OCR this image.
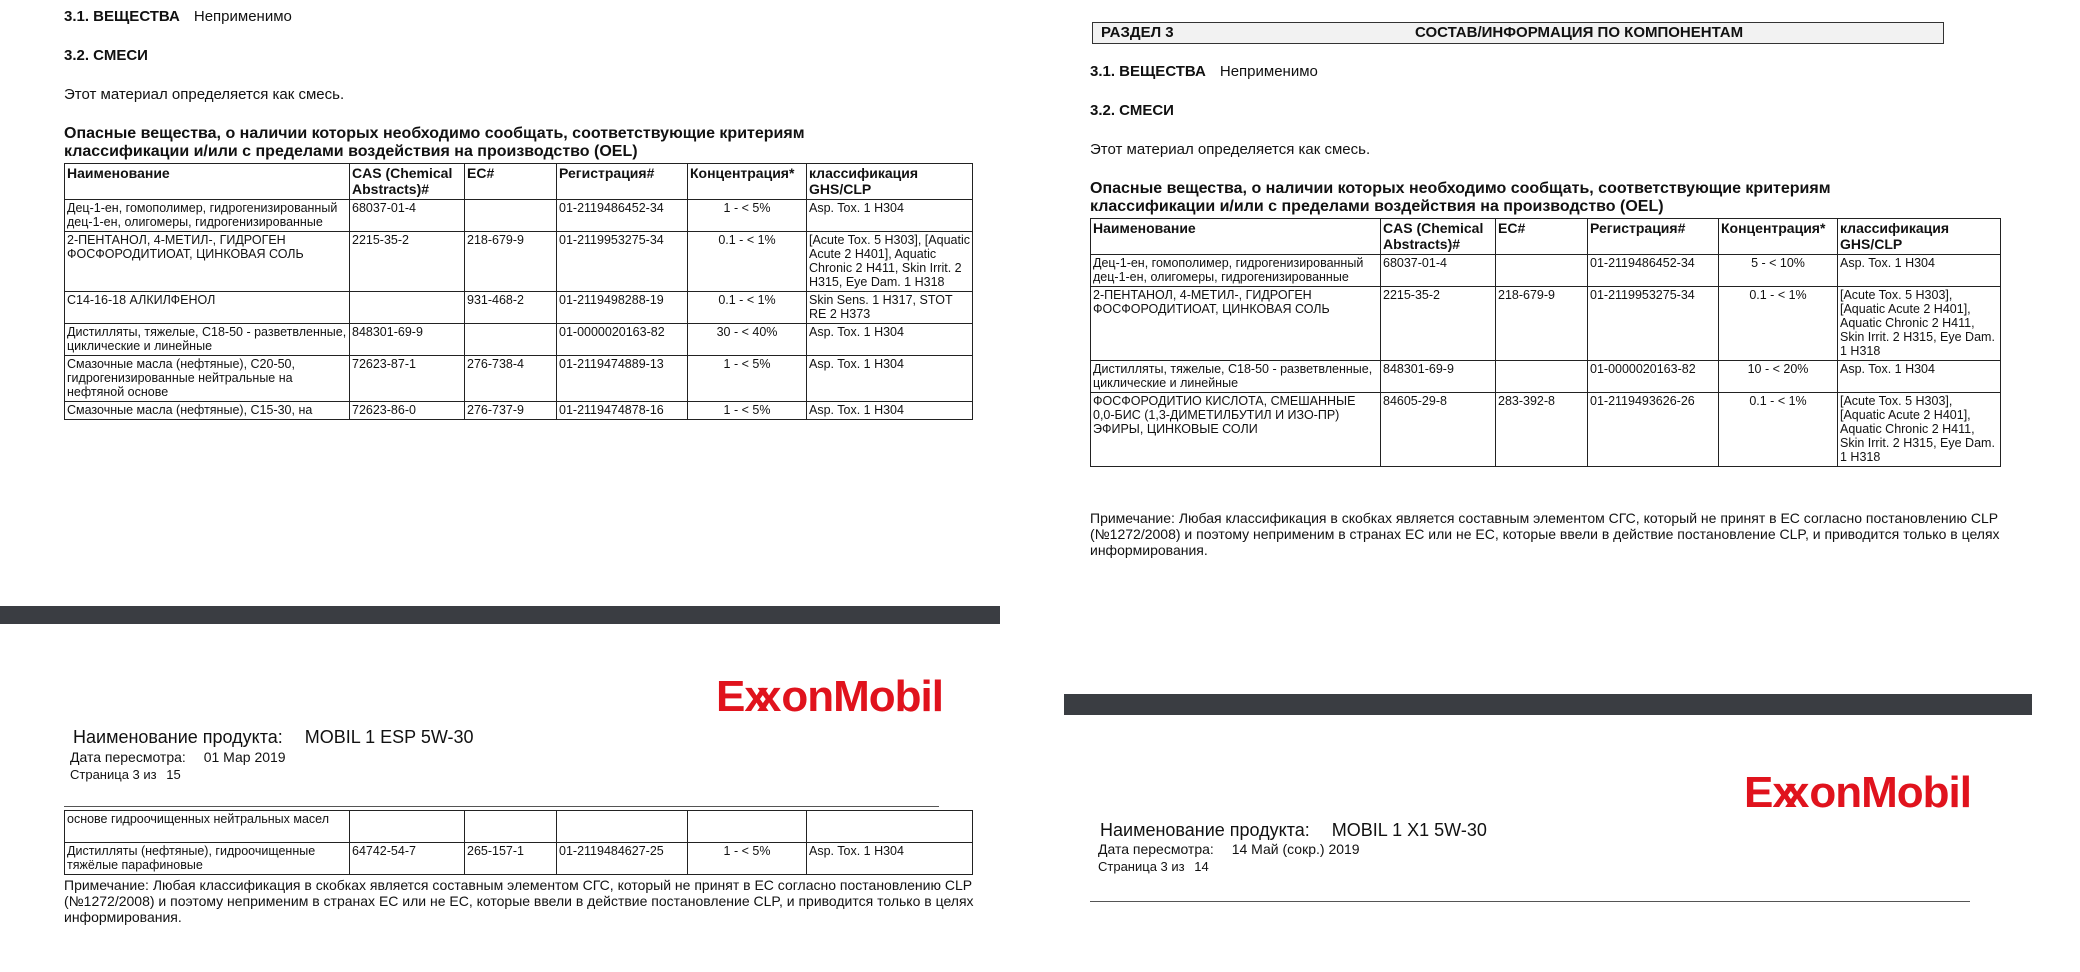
3.1. ВЕЩЕСТВА Неприменимо
3.2. СМЕСИ
Этот материал определяется как смесь.
Опасные вещества, о наличии которых необходимо сообщать, соответствующие критериям классификации и/или с пределами воздействия на производство (OEL)
Наименование	CAS (Chemical Abstracts)#	EC#	Регистрация#	Концентрация*	классификация GHS/CLP
Дец-1-ен, гомополимер, гидрогенизированный дец-1-ен, олигомеры, гидрогенизированные	68037-01-4		01-2119486452-34	1 - < 5%	Asp. Tox. 1 H304
2-ПЕНТАНОЛ, 4-МЕТИЛ-, ГИДРОГЕН ФОСФОРОДИТИОАТ, ЦИНКОВАЯ СОЛЬ	2215-35-2	218-679-9	01-2119953275-34	0.1 - < 1%	[Acute Tox. 5 H303], [Aquatic Acute 2 H401], Aquatic Chronic 2 H411, Skin Irrit. 2 H315, Eye Dam. 1 H318
C14-16-18 АЛКИЛФЕНОЛ		931-468-2	01-2119498288-19	0.1 - < 1%	Skin Sens. 1 H317, STOT RE 2 H373
Дистилляты, тяжелые, C18-50 - разветвленные, циклические и линейные	848301-69-9		01-0000020163-82	30 - < 40%	Asp. Tox. 1 H304
Смазочные масла (нефтяные), C20-50, гидрогенизированные нейтральные на нефтяной основе	72623-87-1	276-738-4	01-2119474889-13	1 - < 5%	Asp. Tox. 1 H304
Смазочные масла (нефтяные), C15-30, на	72623-86-0	276-737-9	01-2119474878-16	1 - < 5%	Asp. Tox. 1 H304
Exx onMobil
Наименование продукта: MOBIL 1 ESP 5W-30
Дата пересмотра: 01 Мар 2019
Страница 3 из 15
основе гидроочищенных нейтральных масел					
Дистилляты (нефтяные), гидроочищенные тяжёлые парафиновые	64742-54-7	265-157-1	01-2119484627-25	1 - < 5%	Asp. Tox. 1 H304
Примечание: Любая классификация в скобках является составным элементом СГС, который не принят в ЕС согласно постановлению CLP (№1272/2008) и поэтому неприменим в странах ЕС или не ЕС, которые ввели в действие постановление CLP, и приводится только в целях информирования.
РАЗДЕЛ 3	СОСТАВ/ИНФОРМАЦИЯ ПО КОМПОНЕНТАМ
3.1. ВЕЩЕСТВА Неприменимо
3.2. СМЕСИ
Этот материал определяется как смесь.
Опасные вещества, о наличии которых необходимо сообщать, соответствующие критериям классификации и/или с пределами воздействия на производство (OEL)
Наименование	CAS (Chemical Abstracts)#	EC#	Регистрация#	Концентрация*	классификация GHS/CLP
Дец-1-ен, гомополимер, гидрогенизированный дец-1-ен, олигомеры, гидрогенизированные	68037-01-4		01-2119486452-34	5 - < 10%	Asp. Tox. 1 H304
2-ПЕНТАНОЛ, 4-МЕТИЛ-, ГИДРОГЕН ФОСФОРОДИТИОАТ, ЦИНКОВАЯ СОЛЬ	2215-35-2	218-679-9	01-2119953275-34	0.1 - < 1%	[Acute Tox. 5 H303], [Aquatic Acute 2 H401], Aquatic Chronic 2 H411, Skin Irrit. 2 H315, Eye Dam. 1 H318
Дистилляты, тяжелые, C18-50 - разветвленные, циклические и линейные	848301-69-9		01-0000020163-82	10 - < 20%	Asp. Tox. 1 H304
ФОСФОРОДИТИО КИСЛОТА, СМЕШАННЫЕ 0,0-БИС (1,3-ДИМЕТИЛБУТИЛ И ИЗО-ПР) ЭФИРЫ, ЦИНКОВЫЕ СОЛИ	84605-29-8	283-392-8	01-2119493626-26	0.1 - < 1%	[Acute Tox. 5 H303], [Aquatic Acute 2 H401], Aquatic Chronic 2 H411, Skin Irrit. 2 H315, Eye Dam. 1 H318
Примечание: Любая классификация в скобках является составным элементом СГС, который не принят в ЕС согласно постановлению CLP (№1272/2008) и поэтому неприменим в странах ЕС или не ЕС, которые ввели в действие постановление CLP, и приводится только в целях информирования.
Exx onMobil
Наименование продукта: MOBIL 1 X1 5W-30
Дата пересмотра: 14 Май (сокр.) 2019
Страница 3 из 14
